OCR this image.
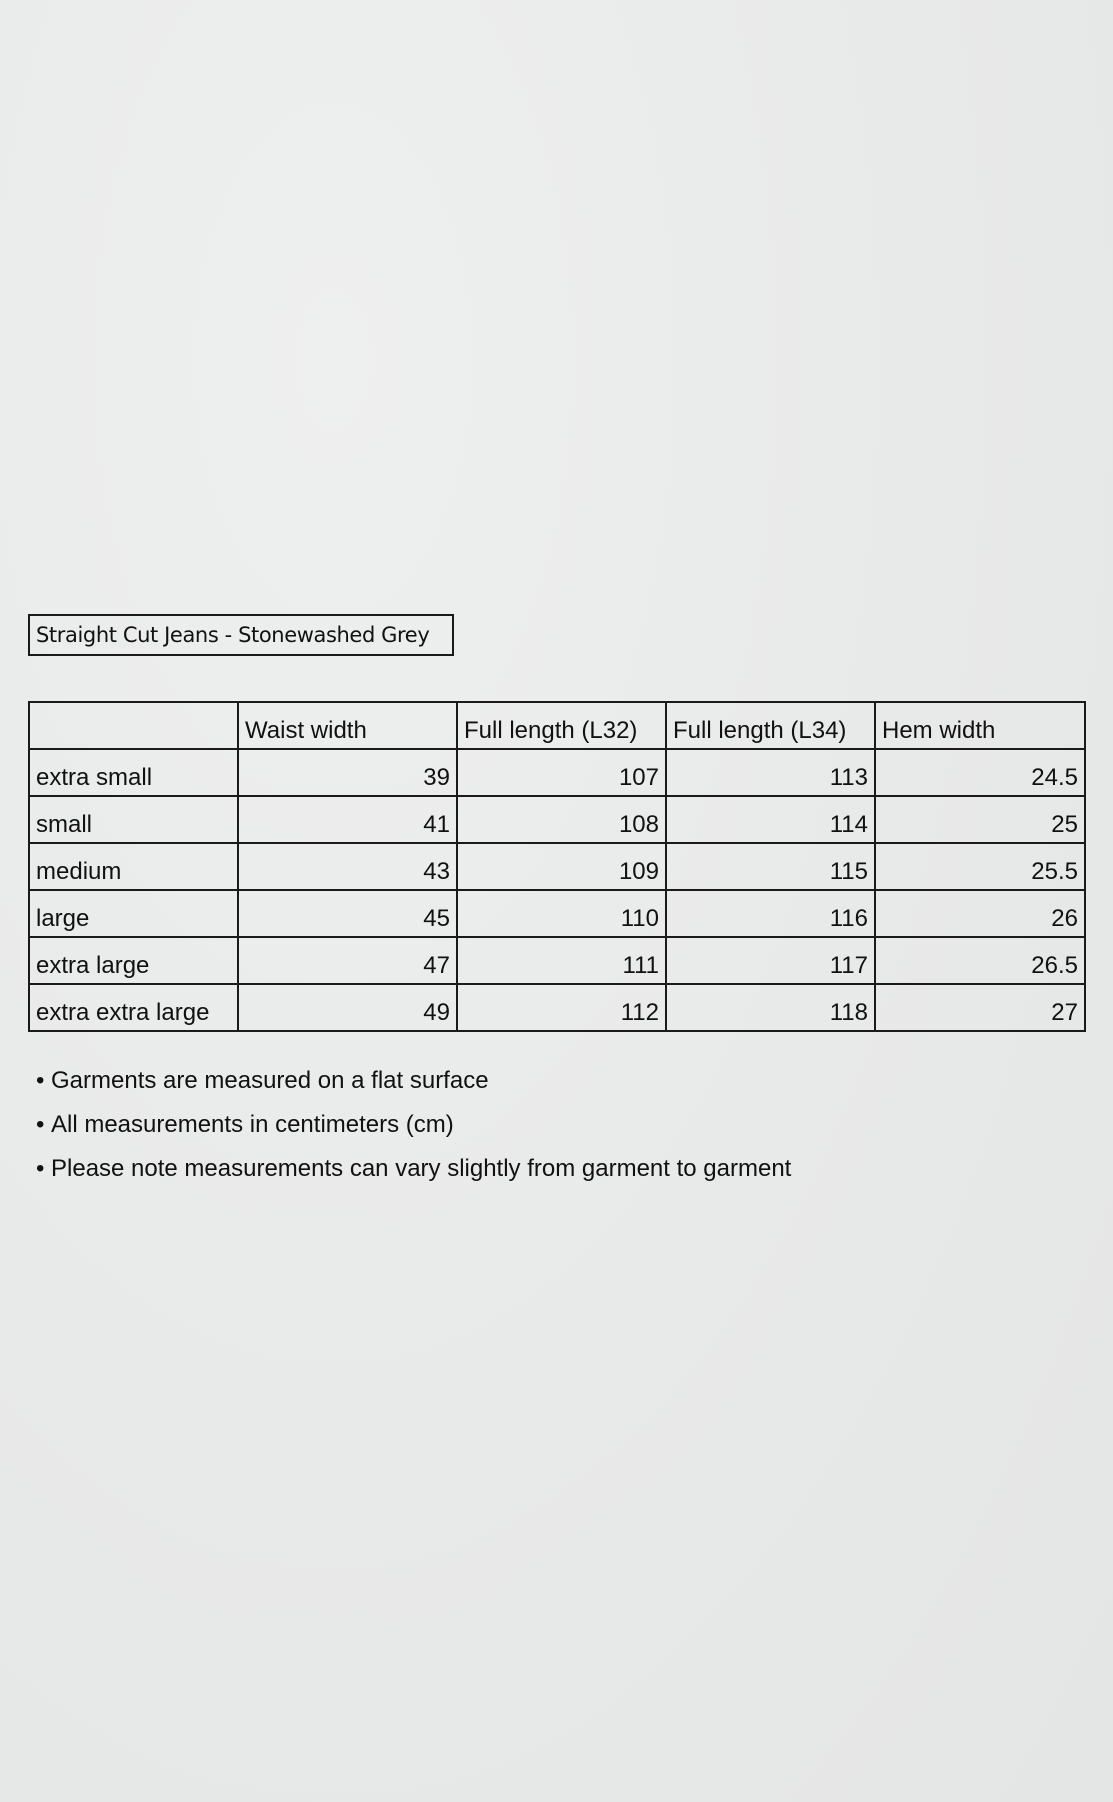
Straight Cut Jeans - Stonewashed Grey
	Waist width	Full length (L32)	Full length (L34)	Hem width
extra small	39	107	113	24.5
small	41	108	114	25
medium	43	109	115	25.5
large	45	110	116	26
extra large	47	111	117	26.5
extra extra large	49	112	118	27
• Garments are measured on a flat surface
• All measurements in centimeters (cm)
• Please note measurements can vary slightly from garment to garment
